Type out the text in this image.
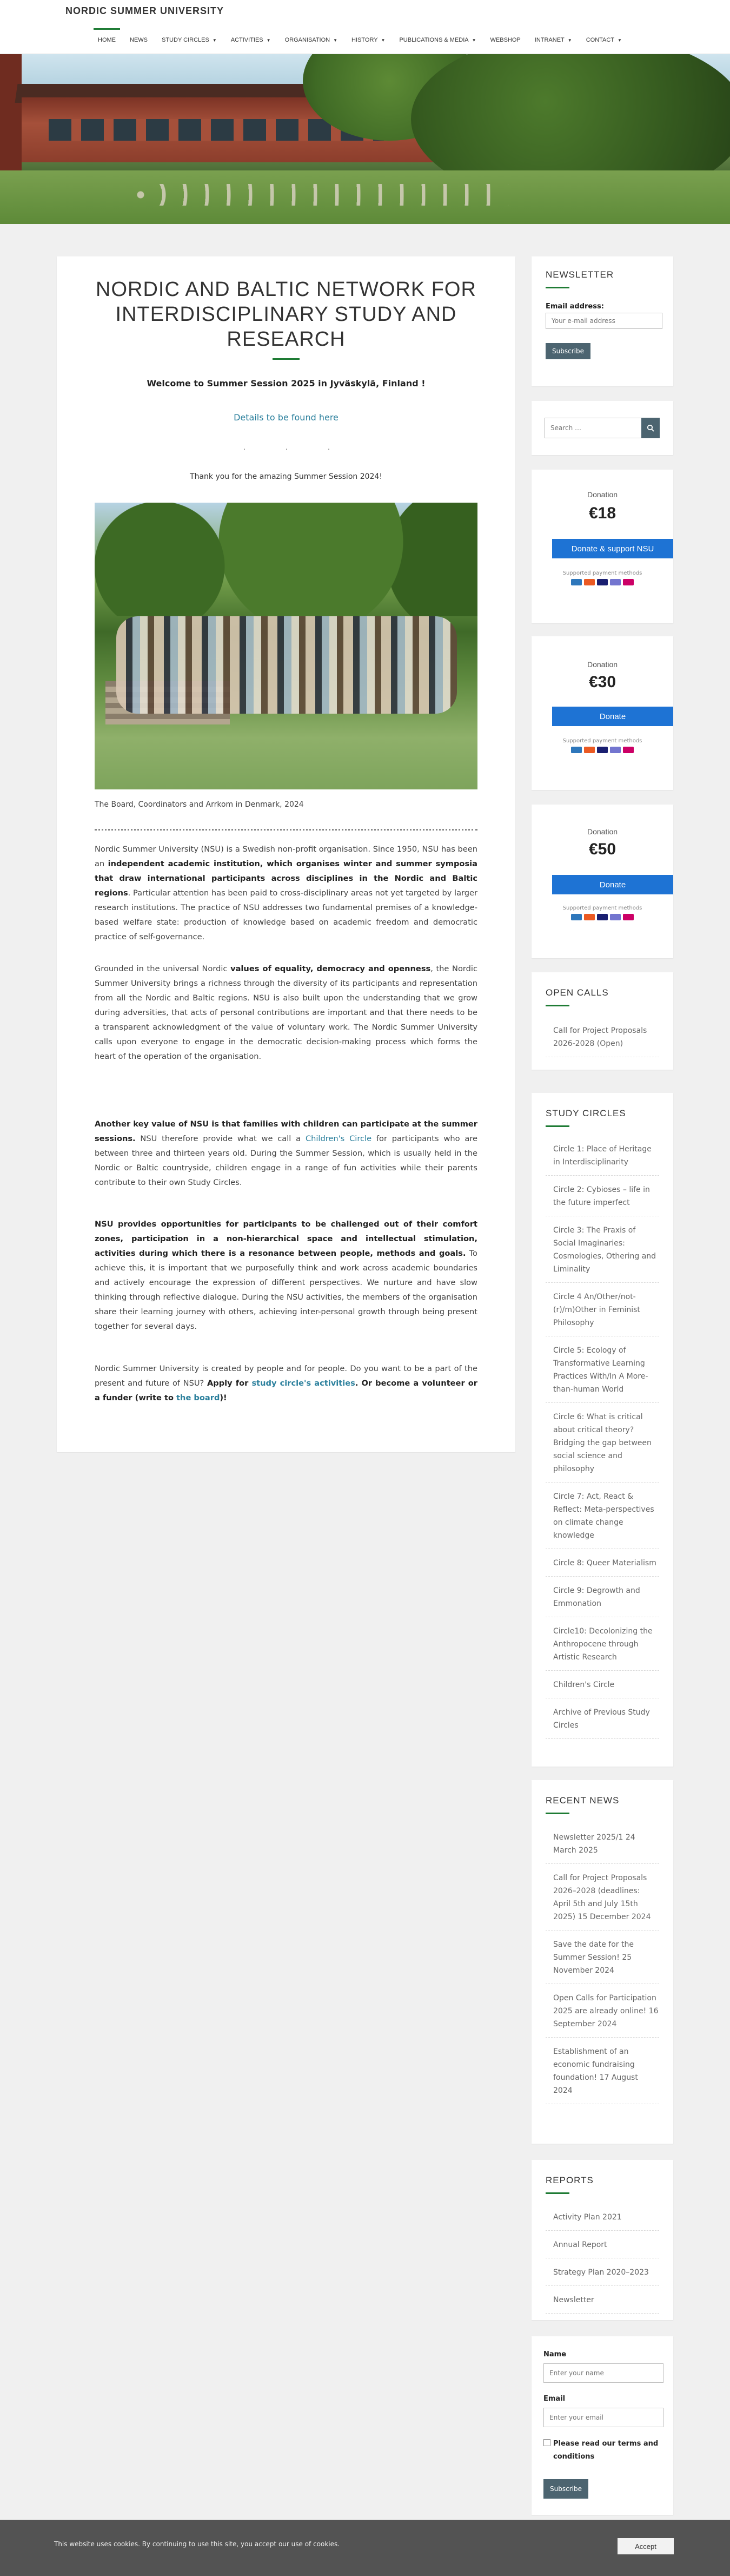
NORDIC SUMMER UNIVERSITY
HOME NEWS STUDY CIRCLES ▼ ACTIVITIES ▼ ORGANISATION ▼ HISTORY ▼ PUBLICATIONS & MEDIA ▼ WEBSHOP INTRANET ▼ CONTACT ▼
NORDIC AND BALTIC NETWORK FOR INTERDISCIPLINARY STUDY AND RESEARCH
Welcome to Summer Session 2025 in Jyväskylä, Finland !
Details to be found here
.	.	.
Thank you for the amazing Summer Session 2024!
The Board, Coordinators and Arrkom in Denmark, 2024

Nordic Summer University (NSU) is a Swedish non-profit organisation. Since 1950, NSU has been an independent academic institution, which organises winter and summer symposia that draw international participants across disciplines in the Nordic and Baltic regions. Particular attention has been paid to cross-disciplinary areas not yet targeted by larger research institutions. The practice of NSU addresses two fundamental premises of a knowledge-based welfare state: production of knowledge based on academic freedom and democratic practice of self-governance.

Grounded in the universal Nordic values of equality, democracy and openness, the Nordic Summer University brings a richness through the diversity of its participants and representation from all the Nordic and Baltic regions. NSU is also built upon the understanding that we grow during adversities, that acts of personal contributions are important and that there needs to be a transparent acknowledgment of the value of voluntary work. The Nordic Summer University calls upon everyone to engage in the democratic decision-making process which forms the heart of the operation of the organisation.

Another key value of NSU is that families with children can participate at the summer sessions. NSU therefore provide what we call a Children's Circle for participants who are between three and thirteen years old. During the Summer Session, which is usually held in the Nordic or Baltic countryside, children engage in a range of fun activities while their parents contribute to their own Study Circles.

NSU provides opportunities for participants to be challenged out of their comfort zones, participation in a non-hierarchical space and intellectual stimulation, activities during which there is a resonance between people, methods and goals. To achieve this, it is important that we purposefully think and work across academic boundaries and actively encourage the expression of different perspectives. We nurture and have slow thinking through reflective dialogue. During the NSU activities, the members of the organisation share their learning journey with others, achieving inter-personal growth through being present together for several days.

Nordic Summer University is created by people and for people. Do you want to be a part of the present and future of NSU? Apply for study circle's activities. Or become a volunteer or a funder (write to the board)!

NEWSLETTER
Email address:
Your e-mail address
Subscribe
Search …
Donation
€18
Donate & support NSU
Supported payment methods
Donation
€30
Donate
Supported payment methods
Donation
€50
Donate
Supported payment methods
OPEN CALLS
Call for Project Proposals 2026-2028 (Open)
STUDY CIRCLES
Circle 1: Place of Heritage in Interdisciplinarity
Circle 2: Cybioses – life in the future imperfect
Circle 3: The Praxis of Social Imaginaries: Cosmologies, Othering and Liminality
Circle 4 An/Other/not-(r)/m)Other in Feminist Philosophy
Circle 5: Ecology of Transformative Learning Practices With/In A More-than-human World
Circle 6: What is critical about critical theory? Bridging the gap between social science and philosophy
Circle 7: Act, React & Reflect: Meta-perspectives on climate change knowledge
Circle 8: Queer Materialism
Circle 9: Degrowth and Emmonation
Circle10: Decolonizing the Anthropocene through Artistic Research
Children's Circle
Archive of Previous Study Circles
RECENT NEWS
Newsletter 2025/1 24 March 2025
Call for Project Proposals 2026–2028 (deadlines: April 5th and July 15th 2025) 15 December 2024
Save the date for the Summer Session! 25 November 2024
Open Calls for Participation 2025 are already online! 16 September 2024
Establishment of an economic fundraising foundation! 17 August 2024
REPORTS
Activity Plan 2021
Annual Report
Strategy Plan 2020–2023
Newsletter
Name
Enter your name
Email
Enter your email
Please read our terms and conditions
Subscribe
This website uses cookies. By continuing to use this site, you accept our use of cookies.	Accept
